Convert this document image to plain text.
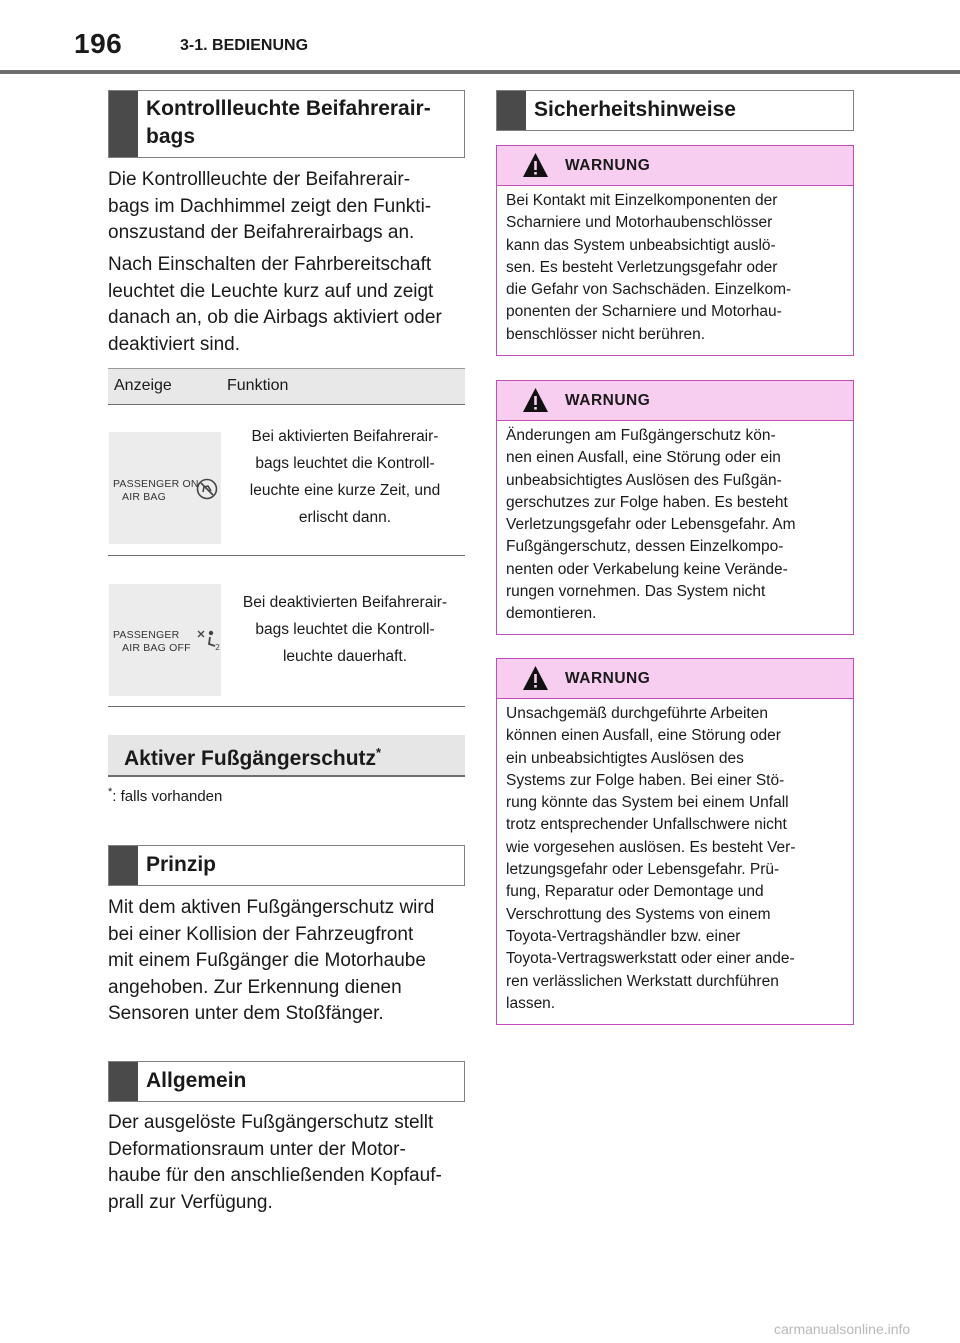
196	3-1. BEDIENUNG
Kontrollleuchte Beifahrerair-
bags
Die Kontrollleuchte der Beifahrerair-
bags im Dachhimmel zeigt den Funkti-
onszustand der Beifahrerairbags an.
Nach Einschalten der Fahrbereitschaft
leuchtet die Leuchte kurz auf und zeigt
danach an, ob die Airbags aktiviert oder
deaktiviert sind.
Anzeige	Funktion
PASSENGER ON
AIR BAG
Bei aktivierten Beifahrerair-
bags leuchtet die Kontroll-
leuchte eine kurze Zeit, und
erlischt dann.
PASSENGER
AIR BAG OFF	2
Bei deaktivierten Beifahrerair-
bags leuchtet die Kontroll-
leuchte dauerhaft.
Aktiver Fußgängerschutz*
*: falls vorhanden
Prinzip
Mit dem aktiven Fußgängerschutz wird
bei einer Kollision der Fahrzeugfront
mit einem Fußgänger die Motorhaube
angehoben. Zur Erkennung dienen
Sensoren unter dem Stoßfänger.
Allgemein
Der ausgelöste Fußgängerschutz stellt
Deformationsraum unter der Motor-
haube für den anschließenden Kopfauf-
prall zur Verfügung.
Sicherheitshinweise
WARNUNG
Bei Kontakt mit Einzelkomponenten der
Scharniere und Motorhaubenschlösser
kann das System unbeabsichtigt auslö-
sen. Es besteht Verletzungsgefahr oder
die Gefahr von Sachschäden. Einzelkom-
ponenten der Scharniere und Motorhau-
benschlösser nicht berühren.
WARNUNG
Änderungen am Fußgängerschutz kön-
nen einen Ausfall, eine Störung oder ein
unbeabsichtigtes Auslösen des Fußgän-
gerschutzes zur Folge haben. Es besteht
Verletzungsgefahr oder Lebensgefahr. Am
Fußgängerschutz, dessen Einzelkompo-
nenten oder Verkabelung keine Verände-
rungen vornehmen. Das System nicht
demontieren.
WARNUNG
Unsachgemäß durchgeführte Arbeiten
können einen Ausfall, eine Störung oder
ein unbeabsichtigtes Auslösen des
Systems zur Folge haben. Bei einer Stö-
rung könnte das System bei einem Unfall
trotz entsprechender Unfallschwere nicht
wie vorgesehen auslösen. Es besteht Ver-
letzungsgefahr oder Lebensgefahr. Prü-
fung, Reparatur oder Demontage und
Verschrottung des Systems von einem
Toyota-Vertragshändler bzw. einer
Toyota-Vertragswerkstatt oder einer ande-
ren verlässlichen Werkstatt durchführen
lassen.
carmanualsonline.info
